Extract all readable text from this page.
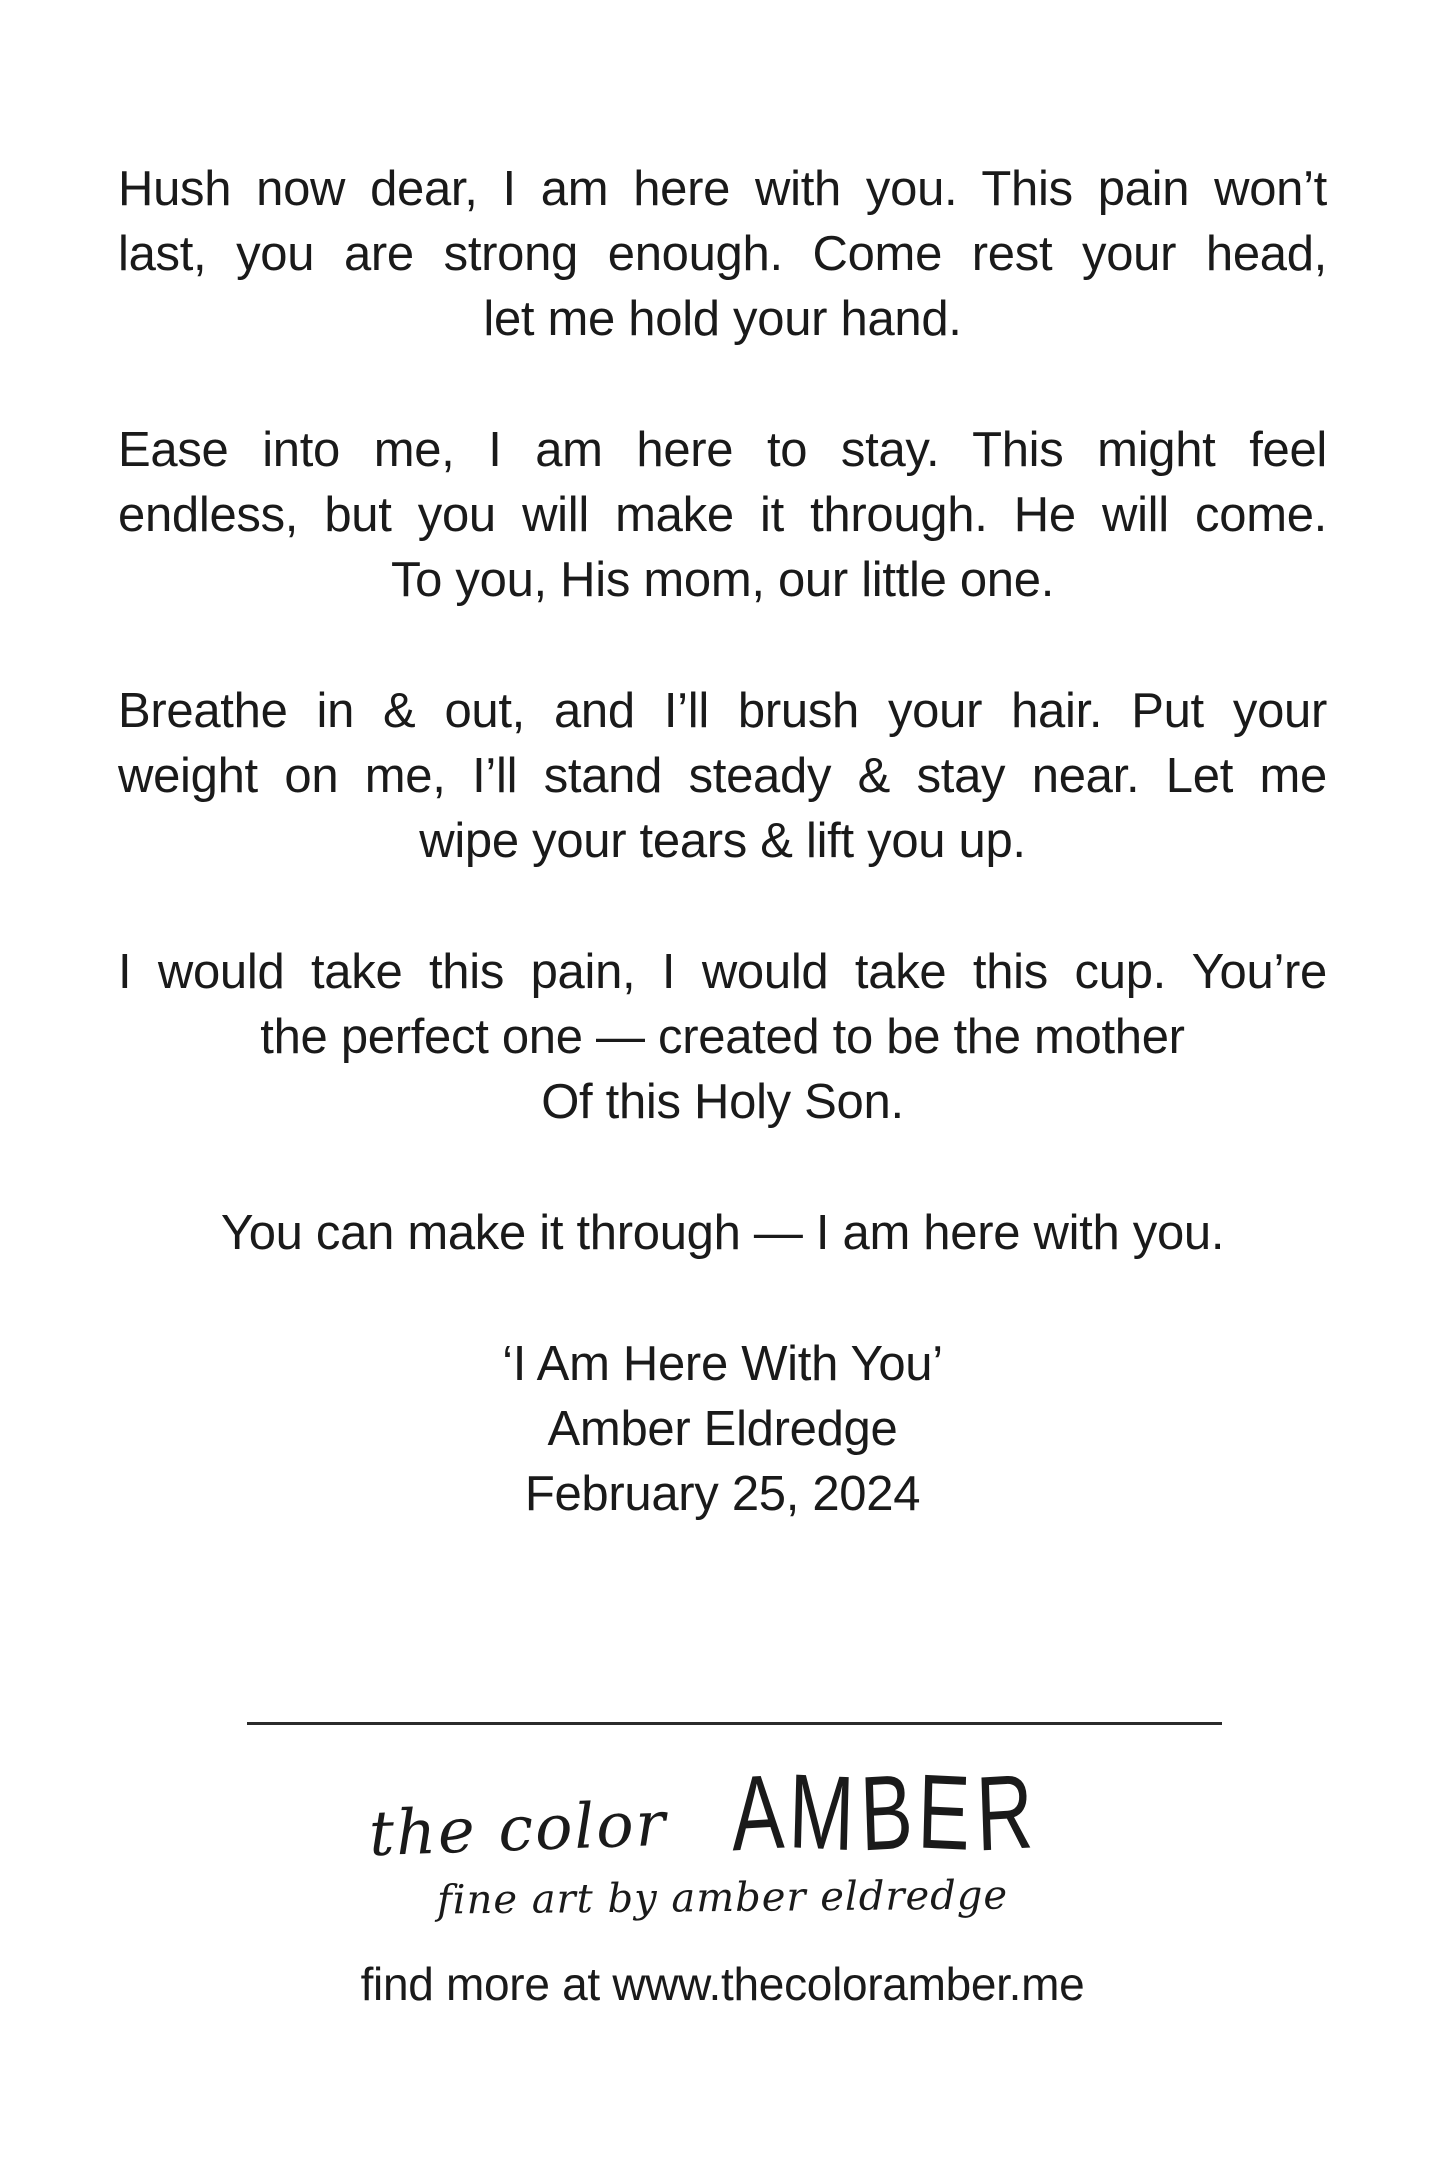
Hush now dear, I am here with you. This pain won’t
last, you are strong enough. Come rest your head,
let me hold your hand.
Ease into me, I am here to stay. This might feel
endless, but you will make it through. He will come.
To you, His mom, our little one.
Breathe in & out, and I’ll brush your hair. Put your
weight on me, I’ll stand steady & stay near. Let me
wipe your tears & lift you up.
I would take this pain, I would take this cup. You’re
the perfect one — created to be the mother
Of this Holy Son.
You can make it through — I am here with you.
‘I Am Here With You’
Amber Eldredge
February 25, 2024
the color AMBER
fine art by amber eldredge
find more at www.thecoloramber.me
